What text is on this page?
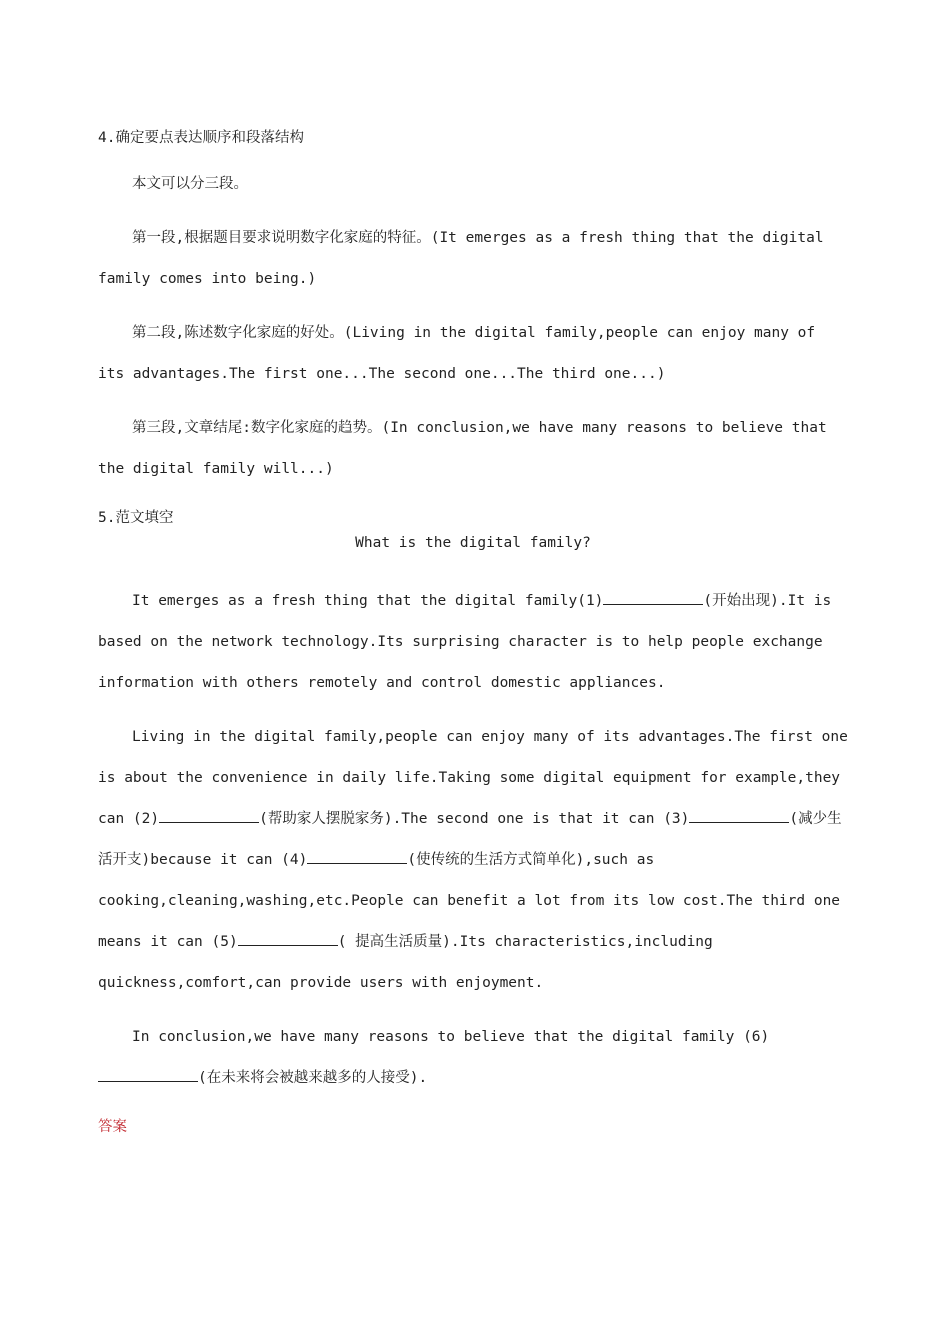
4.确定要点表达顺序和段落结构

本文可以分三段。

第一段,根据题目要求说明数字化家庭的特征。(It emerges as a fresh thing that the digital family comes into being.)

第二段,陈述数字化家庭的好处。(Living in the digital family,people can enjoy many of its advantages.The first one...The second one...The third one...)

第三段,文章结尾:数字化家庭的趋势。(In conclusion,we have many reasons to believe that the digital family will...)

5.范文填空

What is the digital family?

It emerges as a fresh thing that the digital family(1)	(开始出现).It is based on the network technology.Its surprising character is to help people exchange information with others remotely and control domestic appliances.

Living in the digital family,people can enjoy many of its advantages.The first one is about the convenience in daily life.Taking some digital equipment for example,they can (2)	(帮助家人摆脱家务).The second one is that it can (3)	(减少生活开支)because it can (4)	(使传统的生活方式简单化),such as cooking,cleaning,washing,etc.People can benefit a lot from its low cost.The third one means it can (5)	( 提高生活质量).Its characteristics,including quickness,comfort,can provide users with enjoyment.

In conclusion,we have many reasons to believe that the digital family (6)(在未来将会被越来越多的人接受).

答案
